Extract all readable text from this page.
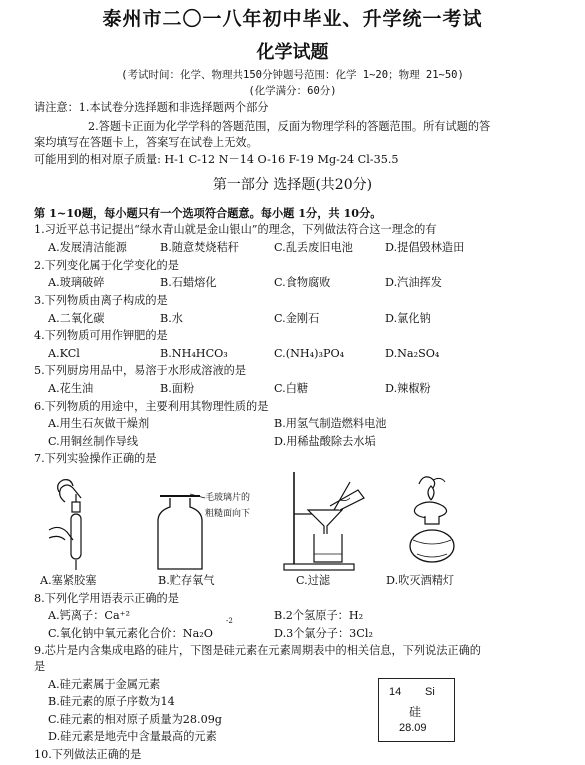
泰州市二〇一八年初中毕业、升学统一考试
化学试题
(考试时间：化学、物理共150分钟题号范围：化学 1~20；物理 21~50)
(化学满分：60分)
请注意：1.本试卷分选择题和非选择题两个部分
2.答题卡正面为化学学科的答题范围，反面为物理学科的答题范围。所有试题的答
案均填写在答题卡上，答案写在试卷上无效。
可能用到的相对原子质量: H-1 C-12 N－14 O-16 F-19 Mg-24 Cl-35.5
第一部分 选择题(共20分)
第 1~10题，每小题只有一个选项符合题意。每小题 1分，共 10分。
1.习近平总书记提出“绿水青山就是金山银山”的理念，下列做法符合这一理念的有
A.发展清洁能源	B.随意焚烧秸秆	C.乱丢废旧电池	D.提倡毁林造田
2.下列变化属于化学变化的是
A.玻璃破碎	B.石蜡熔化	C.食物腐败	D.汽油挥发
3.下列物质由离子构成的是
A.二氧化碳	B.水	C.金刚石	D.氯化钠
4.下列物质可用作钾肥的是
A.KCl	B.NH₄HCO₃	C.(NH₄)₃PO₄	D.Na₂SO₄
5.下列厨房用品中，易溶于水形成溶液的是
A.花生油	B.面粉	C.白糖	D.辣椒粉
6.下列物质的用途中，主要利用其物理性质的是
A.用生石灰做干燥剂	B.用氢气制造燃料电池
C.用铜丝制作导线	D.用稀盐酸除去水垢
7.下列实验操作正确的是
毛玻璃片的
粗糙面向下
A.塞紧胶塞	B.贮存氧气	C.过滤	D.吹灭酒精灯
8.下列化学用语表示正确的是
A.钙离子：Ca⁺²	B.2个氢原子：H₂
-2
C.氧化钠中氧元素化合价：Na₂O	D.3个氯分子：3Cl₂
9.芯片是内含集成电路的硅片，下图是硅元素在元素周期表中的相关信息，下列说法正确的
是
A.硅元素属于金属元素
B.硅元素的原子序数为14
C.硅元素的相对原子质量为28.09g
D.硅元素是地壳中含量最高的元素
14 Si
硅
28.09
10.下列做法正确的是
